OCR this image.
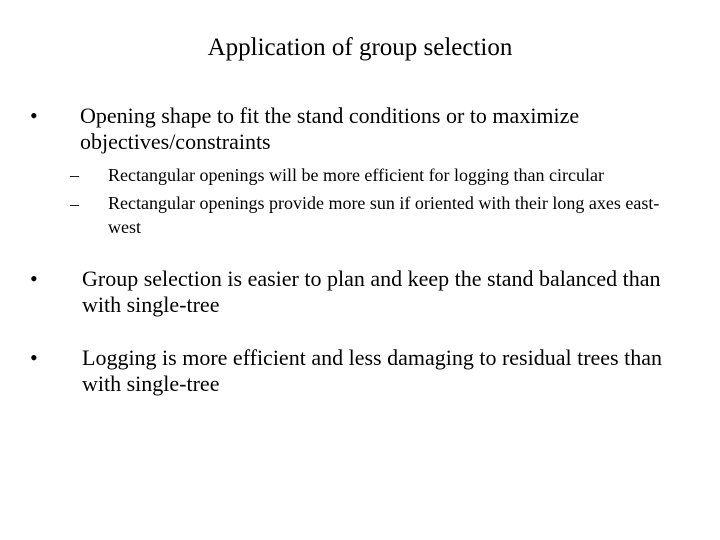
Application of group selection
• Opening shape to fit the stand conditions or to maximize objectives/constraints
– Rectangular openings will be more efficient for logging than circular
– Rectangular openings provide more sun if oriented with their long axes east-west
• Group selection is easier to plan and keep the stand balanced than with single-tree
• Logging is more efficient and less damaging to residual trees than with single-tree
